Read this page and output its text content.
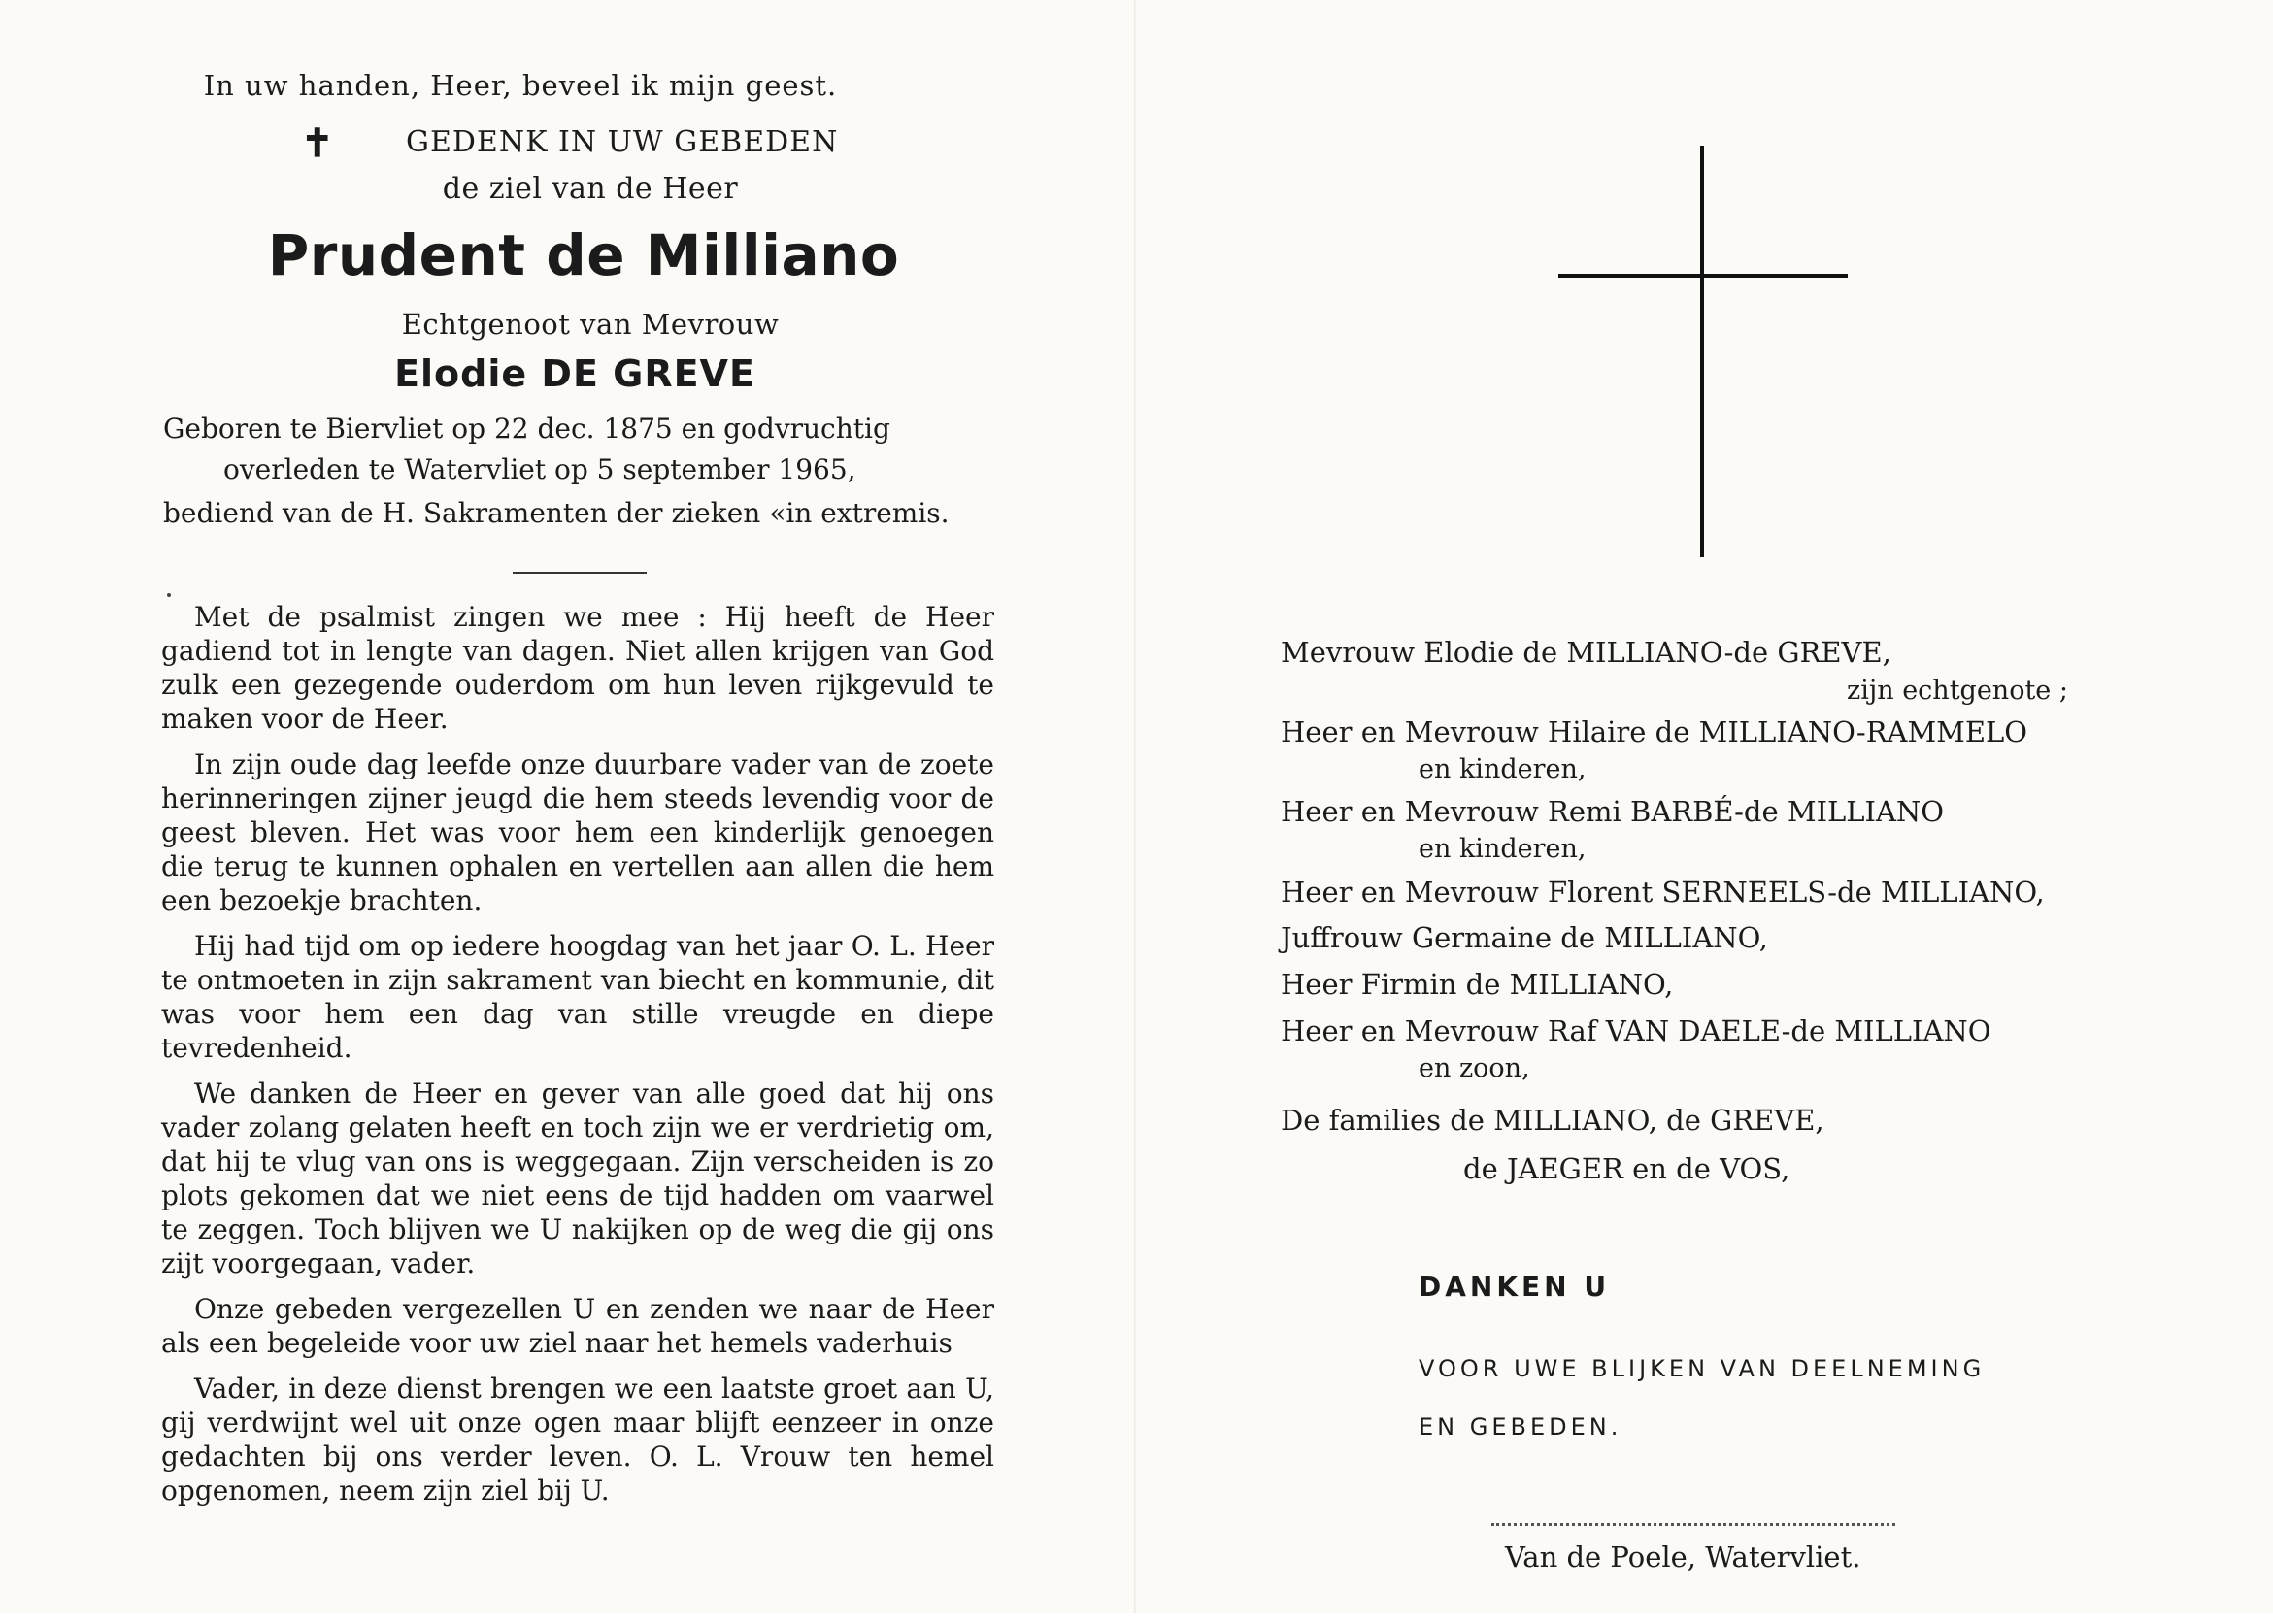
In uw handen, Heer, beveel ik mijn geest.
✝ GEDENK IN UW GEBEDEN
de ziel van de Heer
Prudent de Milliano
Echtgenoot van Mevrouw
Elodie DE GREVE
Geboren te Biervliet op 22 dec. 1875 en godvruchtig
overleden te Watervliet op 5 september 1965,
bediend van de H. Sakramenten der zieken «in extremis.

Met de psalmist zingen we mee : Hij heeft de Heer gadiend tot in lengte van dagen. Niet allen krijgen van God zulk een gezegende ouderdom om hun leven rijkgevuld te maken voor de Heer.

In zijn oude dag leefde onze duurbare vader van de zoete herinneringen zijner jeugd die hem steeds levendig voor de geest bleven. Het was voor hem een kinderlijk genoegen die terug te kunnen ophalen en vertellen aan allen die hem een bezoekje brachten.

Hij had tijd om op iedere hoogdag van het jaar O. L. Heer te ontmoeten in zijn sakrament van biecht en kommunie, dit was voor hem een dag van stille vreugde en diepe tevredenheid.

We danken de Heer en gever van alle goed dat hij ons vader zolang gelaten heeft en toch zijn we er verdrietig om, dat hij te vlug van ons is weggegaan. Zijn verscheiden is zo plots gekomen dat we niet eens de tijd hadden om vaarwel te zeggen. Toch blijven we U nakijken op de weg die gij ons zijt voorgegaan, vader.

Onze gebeden vergezellen U en zenden we naar de Heer als een begeleide voor uw ziel naar het hemels vaderhuis

Vader, in deze dienst brengen we een laatste groet aan U, gij verdwijnt wel uit onze ogen maar blijft eenzeer in onze gedachten bij ons verder leven. O. L. Vrouw ten hemel opgenomen, neem zijn ziel bij U.

Mevrouw Elodie de MILLIANO-de GREVE,
zijn echtgenote ;
Heer en Mevrouw Hilaire de MILLIANO-RAMMELO
en kinderen,
Heer en Mevrouw Remi BARBÉ-de MILLIANO
en kinderen,
Heer en Mevrouw Florent SERNEELS-de MILLIANO,
Juffrouw Germaine de MILLIANO,
Heer Firmin de MILLIANO,
Heer en Mevrouw Raf VAN DAELE-de MILLIANO
en zoon,
De families de MILLIANO, de GREVE,
de JAEGER en de VOS,
DANKEN U
VOOR UWE BLIJKEN VAN DEELNEMING
EN GEBEDEN.
Van de Poele, Watervliet.
